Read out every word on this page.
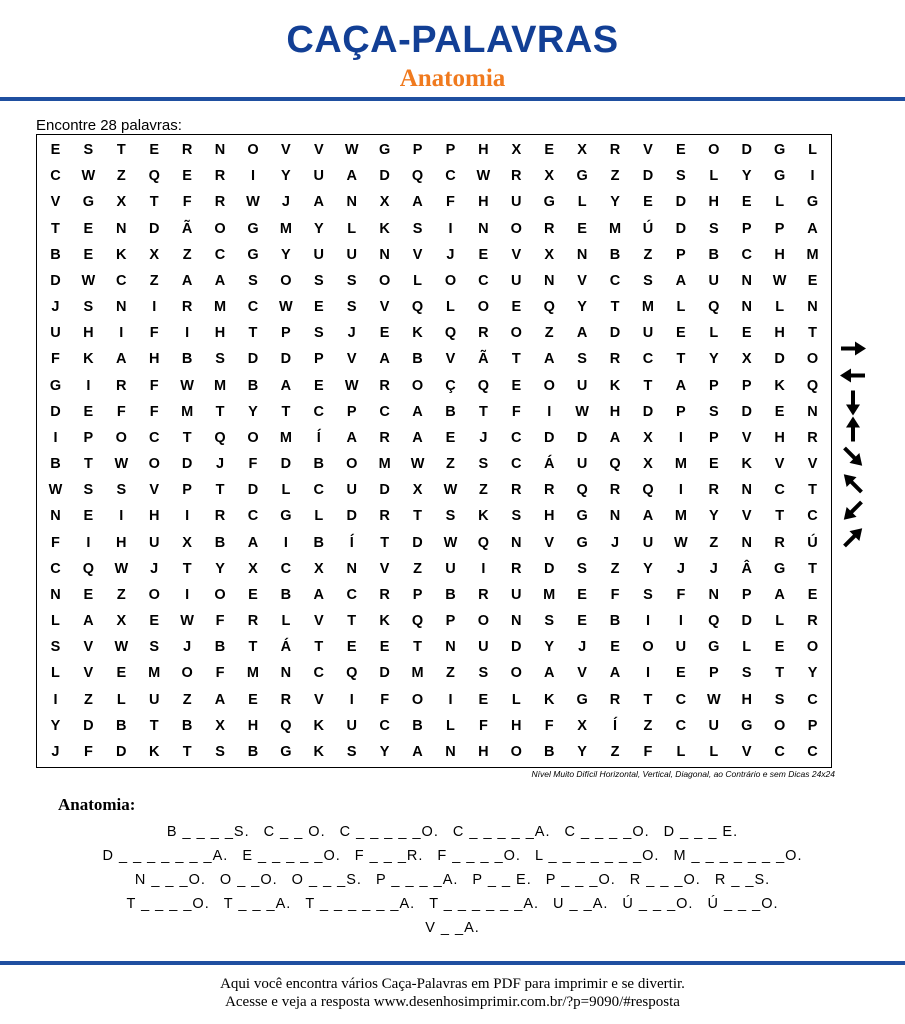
CAÇA-PALAVRAS
Anatomia
Encontre 28 palavras:
E	S	T	E	R	N	O	V	V	W	G	P	P	H	X	E	X	R	V	E	O	D	G	L
C	W	Z	Q	E	R	I	Y	U	A	D	Q	C	W	R	X	G	Z	D	S	L	Y	G	I
V	G	X	T	F	R	W	J	A	N	X	A	F	H	U	G	L	Y	E	D	H	E	L	G
T	E	N	D	Ã	O	G	M	Y	L	K	S	I	N	O	R	E	M	Ú	D	S	P	P	A
B	E	K	X	Z	C	G	Y	U	U	N	V	J	E	V	X	N	B	Z	P	B	C	H	M
D	W	C	Z	A	A	S	O	S	S	O	L	O	C	U	N	V	C	S	A	U	N	W	E
J	S	N	I	R	M	C	W	E	S	V	Q	L	O	E	Q	Y	T	M	L	Q	N	L	N
U	H	I	F	I	H	T	P	S	J	E	K	Q	R	O	Z	A	D	U	E	L	E	H	T
F	K	A	H	B	S	D	D	P	V	A	B	V	Ã	T	A	S	R	C	T	Y	X	D	O
G	I	R	F	W	M	B	A	E	W	R	O	Ç	Q	E	O	U	K	T	A	P	P	K	Q
D	E	F	F	M	T	Y	T	C	P	C	A	B	T	F	I	W	H	D	P	S	D	E	N
I	P	O	C	T	Q	O	M	Í	A	R	A	E	J	C	D	D	A	X	I	P	V	H	R
B	T	W	O	D	J	F	D	B	O	M	W	Z	S	C	Á	U	Q	X	M	E	K	V	V
W	S	S	V	P	T	D	L	C	U	D	X	W	Z	R	R	Q	R	Q	I	R	N	C	T
N	E	I	H	I	R	C	G	L	D	R	T	S	K	S	H	G	N	A	M	Y	V	T	C
F	I	H	U	X	B	A	I	B	Í	T	D	W	Q	N	V	G	J	U	W	Z	N	R	Ú
C	Q	W	J	T	Y	X	C	X	N	V	Z	U	I	R	D	S	Z	Y	J	J	Â	G	T
N	E	Z	O	I	O	E	B	A	C	R	P	B	R	U	M	E	F	S	F	N	P	A	E
L	A	X	E	W	F	R	L	V	T	K	Q	P	O	N	S	E	B	I	I	Q	D	L	R
S	V	W	S	J	B	T	Á	T	E	E	T	N	U	D	Y	J	E	O	U	G	L	E	O
L	V	E	M	O	F	M	N	C	Q	D	M	Z	S	O	A	V	A	I	E	P	S	T	Y
I	Z	L	U	Z	A	E	R	V	I	F	O	I	E	L	K	G	R	T	C	W	H	S	C
Y	D	B	T	B	X	H	Q	K	U	C	B	L	F	H	F	X	Í	Z	C	U	G	O	P
J	F	D	K	T	S	B	G	K	S	Y	A	N	H	O	B	Y	Z	F	L	L	V	C	C
Nível Muito Difícil Horizontal, Vertical, Diagonal, ao Contrário e sem Dicas 24x24
Anatomia:
B _ _ _ _S. C _ _ O. C _ _ _ _ _O. C _ _ _ _ _A. C _ _ _ _O. D _ _ _ E.
D _ _ _ _ _ _ _A. E _ _ _ _ _O. F _ _ _R. F _ _ _ _O. L _ _ _ _ _ _ _O. M _ _ _ _ _ _ _O.
N _ _ _O. O _ _O. O _ _ _S. P _ _ _ _A. P _ _ E. P _ _ _O. R _ _ _O. R _ _S.
T _ _ _ _O. T _ _ _A. T _ _ _ _ _ _A. T _ _ _ _ _ _A. U _ _A. Ú _ _ _O. Ú _ _ _O.
V _ _A.
Aqui você encontra vários Caça-Palavras em PDF para imprimir e se divertir.
Acesse e veja a resposta www.desenhosimprimir.com.br/?p=9090/#resposta
